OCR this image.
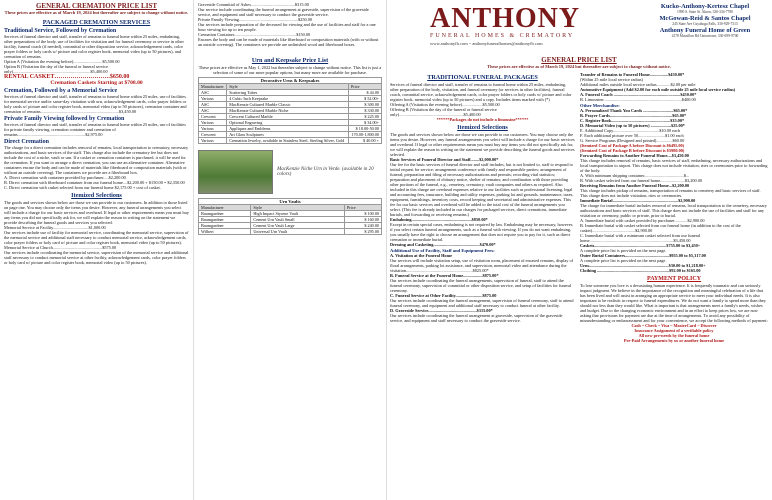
GENERAL CREMATION PRICE LIST
These prices are effective as of March 19, 2024 but thereafter are subject to change without notice.
PACKAGED CREMATION SERVICES
Traditional Service, Followed by Cremation

Services of funeral director and staff, transfer of remains to funeral home within 25 miles, embalming, other preparations of the body, use of facilities for visitation and for funeral ceremony or service in other facility, funeral coach (if needed), committal or other disposition service, acknowledgement cards, color prayer folders or holy cards w/ picture and color register book, memorial video (up to 50 pictures), and cremation of remains.

Option A (Visitation the evening before)...........................$5,500.00

Option B (Visitation the day of the funeral or funeral service only)........................................................................$5,400.00

RENTAL CASKET……………………….$650.00
Cremation Caskets Starting at $708.00
Cremation, Followed by a Memorial Service

Services of funeral director and staff, transfer of remains to funeral home within 25 miles, use of facilities for memorial service and/or same-day visitation with urn, acknowledgement cards, color prayer folders or holy cards w/ picture and color register book, memorial video (up to 50 pictures), cremation container and cremation of remains.........................................................................$3,450.00

Private Family Viewing followed by Cremation

Services of funeral director and staff, transfer of remains to funeral home within 25 miles, use of facilities for private family viewing, cremation container and cremation of remains...............................................................$2,975.00

Direct Cremation

The charge for a direct cremation includes removal of remains, local transportation to crematory, necessary authorizations, and basic services of the staff. This charge also include the crematory fee but does not include the cost of a niche, vault or urn. If a casket or cremation container is purchased, it will be used for the cremation. If you want to arrange a direct cremation, you can use an alternative container. Alternative containers encase the body and can be made of materials like fiberboard or composition materials (with or without an outside covering). The containers we provide are a fiberboard box.

A. Direct cremation with container provided by purchaser.....$2,200.00

B. Direct cremation with fiberboard container from our funeral home....$2,200.00 + $150.00 = $2,350.00

C. Direct cremation with casket selected from our funeral home $2,175.00 + cost of casket.

Itemized Selections

The goods and services shown below are those we can provide to our customers. In addition to those listed on page one. You may choose only the items you desire. However, any funeral arrangements you select will include a charge for our basic services and overhead. If legal or other requirements mean you must buy any items you did not specifically ask for, we will explain the reason in writing on the statement we provide describing the funeral goods and services you selected.

Memorial Service at Facility.................................$1,000.00

Our services include use of facility for memorial service, coordinating the memorial service, supervision of the memorial service and additional staff necessary to conduct memorial service, acknowledgement cards, color prayer folders or holy card w/ picture and color register book, memorial video (up to 50 pictures).

Memorial Service at Church..............................................$575.00

Our services include coordinating the memorial service, supervision of the memorial service and additional staff necessary to conduct memorial service at other facility, acknowledgement cards, color prayer folders or holy card w/ picture and color register book, memorial video (up to 50 pictures).

Graveside Committal of Ashes.........................................$315.00

Our service include coordinating the funeral arrangement at graveside, supervision of the graveside service, and equipment and staff necessary to conduct the graveside service.

Private Family Viewing.......................................................$250.00

Our services include preparation of the deceased for viewing and the use of facilities and staff for a one hour viewing for up to ten people.

Cremation Container..........................................................$150.00

Encases the body and can be made of materials like fiberboard or composition materials (with or without an outside covering). The containers we provide are unfinished wood and fiberboard boxes.

Urn and Keepsake Price List

These prices are effective as May 1, 2022 but thereafter subject to change without notice. This list is just a selection of some of our more popular options, but many more are available for purchase.

Decorative Urns & Keepsakes		
Manufacturer	Style	Price
ASC	Scattering Tubes	$ 44.00
Various	4 Cubic Inch Keepsake	$ 52.00+
ASC	MacKenzie Cultured Marble Classic	$ 300.00
ASC	MacKenzie Cultured Marble Niche	$ 330.00
Crescent	Crescent Cultured Marble	$ 225.00
Various	Optional Engraving	$ 34.00+
Various	Appliques and Emblems	$ 18.00-50.00
Crescent	Art Glass Sculptures	170.00-1,800.00
Various	Cremation Jewelry, available in Stainless Steel, Sterling Silver, Gold	$ 40.00 +
MacKenzie Niche Urn in Verde. (available in 20 colors)
Urn Vaults		
Manufacturer	Style	Price
Baumgardner	High Impact Styrene Vault	$ 100.00
Baumgardner	Cement Urn Vault Small	$ 160.00
Baumgardner	Cement Urn Vault Large	$ 240.00
Wilbert	Universal Urn Vault	$ 295.00
ANTHONY
FUNERAL HOMES & CREMATORY
www.anthonyfh.com ~ anthonyfuneralhomes@anthonyfh.com
Kucko-Anthony-Kertesz Chapel
1990 S. State St. Akron, 330-334-7780
McGowan-Reid & Santos Chapel
245 State Ave Cuyahoga Falls, 330-929-7313
Anthony Funeral Home of Green
4178 Massillon Rd Uniontown, 330-699-9700
GENERAL PRICE LIST
These prices are effective as of March 19, 2024 but thereafter are subject to change without notice.
TRADITIONAL FUNERAL PACKAGES

Services of funeral director and staff, transfer of remains to funeral home within 25 miles, embalming, other preparation of the body, visitation, and funeral ceremony (or services in other facilities), funeral coach, committal service, acknowledgement cards, color prayer folders or holy cards w/ picture and color register book, memorial video (up to 50 pictures) and a copy. Includes items marked with (*)

Offering A (Visitation the evening before)...................$5,500.00

Offering B (Visitation the day of the funeral or funeral service only)............................................................$5,400.00

******Packages do not include a limousine******

Itemized Selections

The goods and services shown below are those we can provide to our customers. You may choose only the items you desire. However, any funeral arrangements you select will include a charge for our basic services and overhead. If legal or other requirements mean you must buy any items you did not specifically ask for, we will explain the reason in writing on the statement we provide describing the funeral goods and services selected.

Basic Services of Funeral Director and Staff........$2,000.00*

Our fee for the basic services of funeral director and staff includes, but is not limited to, staff to respond to initial request for service; arrangement conference with family and responsible parties; arrangement of funeral; preparation and filing of necessary authorizations and permits; recording vital statistics; preparation and placement of obituary notice, shelter of remains; and coordination with those providing other portions of the funeral, e.g., cemetery, crematory, vault companies and others as required. Also included in this charge are overhead expenses relative to our facilities such as professional licensing, legal and accounting fees, insurance, building and utility expenses, parking lot and grounds, maintenance, taxes, equipment, furnishings, inventory costs, record keeping and secretarial and administrative expenses. This fee for our basic services and overhead will be added to the total cost of the funeral arrangements you select. (This fee is already included in our charges for packaged services, direct cremations, immediate burials, and forwarding or receiving remains.)

Embalming........................................................$850.00*

Except in certain special cases, embalming is not required by law. Embalming may be necessary, however, if you select certain funeral arrangements, such as a funeral with viewing. If you do not want embalming, you usually have the right to choose an arrangement that does not require you to pay for it, such as direct cremation or immediate burial.

Dressing and Casketing...........................................$470.00*

Additional Use of Facility, Staff and Equipment Fees:

A. Visitation at the Funeral Home

Our services will include visitation setup, use of visitation room, placement of encased remains, display of floral arrangements, parking lot assistance, and supervision, memorial video and attendance during the visitation..............................................................$825.00*

B. Funeral Service at the Funeral Home..................$875.00*

Our services include coordinating the funeral arrangements, supervision of funeral, staff to attend the funeral ceremony, supervision of committal or other disposition service, and setup of facilities for funeral ceremony.

C. Funeral Service at Other Facility.........................$875.00

Our services include coordinating the funeral arrangement, supervision of funeral ceremony, staff to attend funeral ceremony, and equipment and additional staff necessary to conduct funeral at other facility.

D. Graveside Service.............................................$315.00*

Our services include coordinating the funeral arrangement at graveside, supervision of the graveside service, and equipment and staff necessary to conduct the graveside service.

Transfer of Remains to Funeral Home.................$450.00*

(Within 25 mile local service radius)

Additional miles outside local service radius.............$2.00 per mile

Automotive Equipment (Add $2.00 for each mile outside 25 mile local service radius)

A. Funeral Coach ..............................................................$450.00*

B. Limousine.........................................................................$400.00

Other Merchandise:

A. Personalized Thank You Cards ............................$65.00*

B. Prayer Cards..........................................................$65.00*

C. Register Book.......................................................$35.00*

D. Memorial Video (up to 50 pictures) ...................$25.00*

E. Additional Copy...........................................$10.00 each

F. Each additional picture over 50.........................$1.00 each

G. Service Programs (Designed and printed)...............$60.00

(Itemized Cost of Package A before Discount is $6495.00)

(Itemized Cost of Package B before Discount is $5980.00)

Forwarding Remains to Another Funeral Home....$3,450.00

This charge includes removal of remains, basic services of staff, embalming, necessary authorizations and local transportation to airport. This charge does not include visitation, rites or ceremonies prior to forwarding of the body.

A. With minimum shipping container.....................................$...

B. With casket selected from our funeral home.......................$3,200.00

Receiving Remains from Another Funeral Home...$2,200.00

This charge includes pickup of remains, transportation of remains to cemetery and basic services of staff. This charge does not include visitation, rites or ceremonies.

Immediate Burial.............................................................$2,900.00

The charge for immediate burial includes removal of remains, local transportation to the cemetery, necessary authorizations and basic services of staff. This charge does not include the use of facilities and staff for any visitation or ceremony, public or private, prior to burial.

A. Immediate burial with casket provided by purchaser............$2,900.00

B. Immediate burial with casket selected from our funeral home (in addition to the cost of the casket)........................................$2,900.00

C. Immediate burial with a minimum casket selected from our funeral home..............................................................................$3,450.00

Caskets...................................................................$755.00 to $3,450+

A complete price list is provided on the next page.

Outer Burial Containers.........................................$955.00 to $5,317.00

A complete price list is provided on the next page.

Urns..........................................................................$30.00 to $1,218.00+

Clothing ...................................................................$92.00 to $165.00

PAYMENT POLICY

To lose someone you love is a devastating human experience. It is frequently traumatic and can seriously impact judgment. We believe in the importance of the recognition and meaningful celebration of a life that has been lived and will assist in arranging an appropriate service to meet your individual needs. It is also important to be realistic in respect to funeral expenditures. We do not want a family to spend more than they should nor less than they would like. What is important is that arrangements meet a family's needs, wishes and budget. Due to the changing economic environment and in an effort to keep prices low, we are now asking that provisions for payment are due at the time of arrangements. To avoid any possibility of misunderstanding or embarrassment and for your convenience, we accept the following methods of payment:

Cash ~ Check ~ Visa ~ MasterCard ~ Discover

Insurance Assignment of a verifiable policy

All new pre-needs by the funeral home

Pre-Paid Arrangements by us or another funeral home
